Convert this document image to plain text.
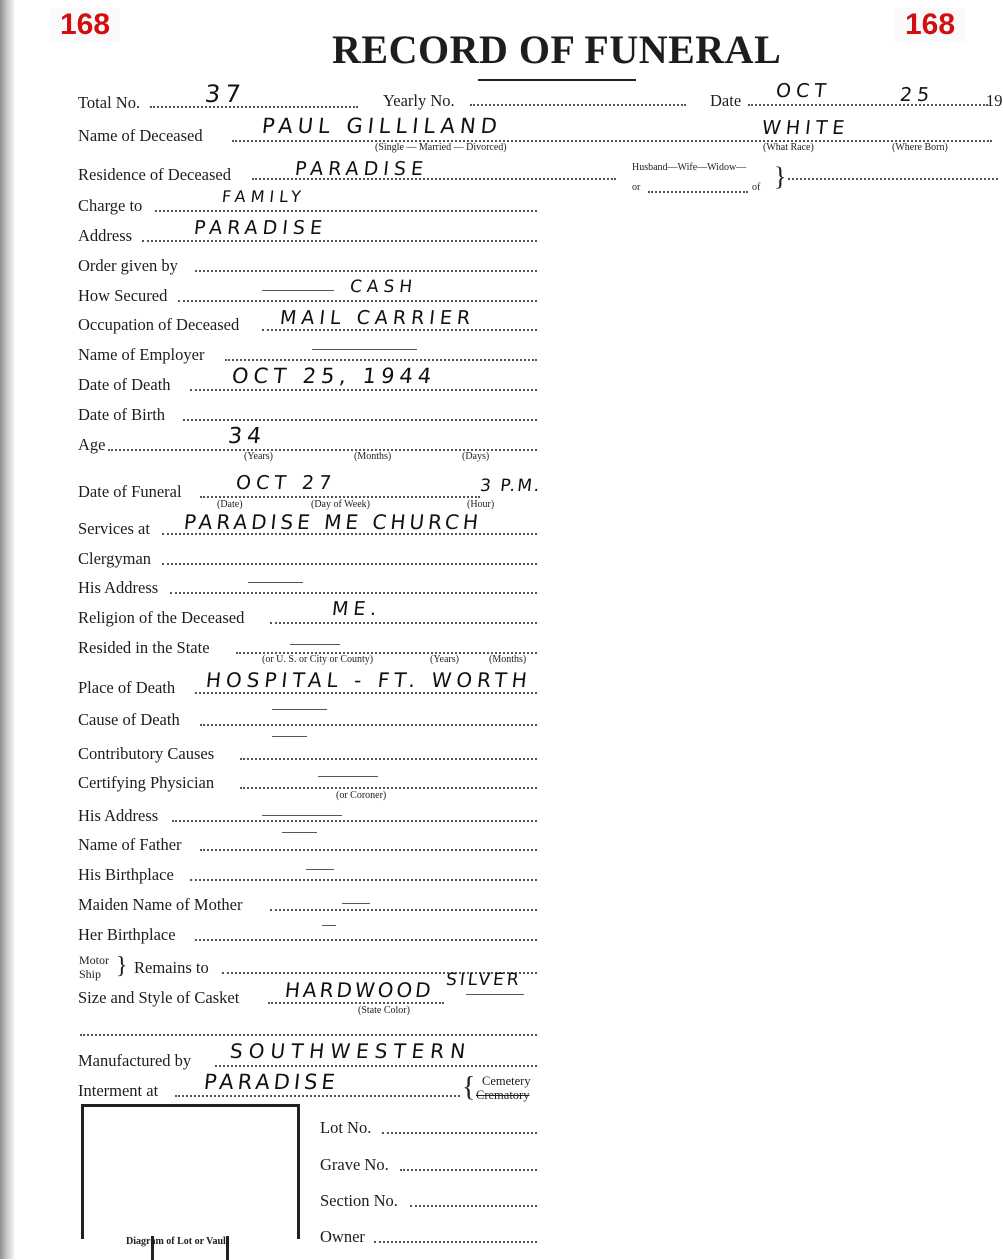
168	168
RECORD OF FUNERAL
Total No.	37	Yearly No.	Date OCT	25	19
Name of Deceased	PAUL GILLILAND
(Single — Married — Divorced)
WHITE
(What Race)	(Where Born)
Residence of Deceased	PARADISE	Husband—Wife—Widow—
or	of }
Charge to	FAMILY
Address	PARADISE
Order given by
How Secured	CASH
Occupation of Deceased MAIL CARRIER
Name of Employer
Date of Death	OCT 25, 1944
Date of Birth
Age	34
(Years)	(Months)	(Days)
Date of Funeral	OCT 27	3 P.M.
(Date)	(Day of Week)	(Hour)
Services at PARADISE ME CHURCH
Clergyman
His Address
Religion of the Deceased	ME.
Resided in the State
(or U. S. or City or County)	(Years)	(Months)
Place of Death HOSPITAL - FT. WORTH
Cause of Death
Contributory Causes
Certifying Physician
(or Coroner)
His Address
Name of Father
His Birthplace
Maiden Name of Mother
Her Birthplace
Motor
Ship } Remains to
Size and Style of Casket HARDWOOD SILVER
(State Color)
Manufactured by SOUTHWESTERN
Interment at PARADISE	{ Cemetery
Crematory
Diagram of Lot or Vault
Lot No.
Grave No.
Section No.
Owner
